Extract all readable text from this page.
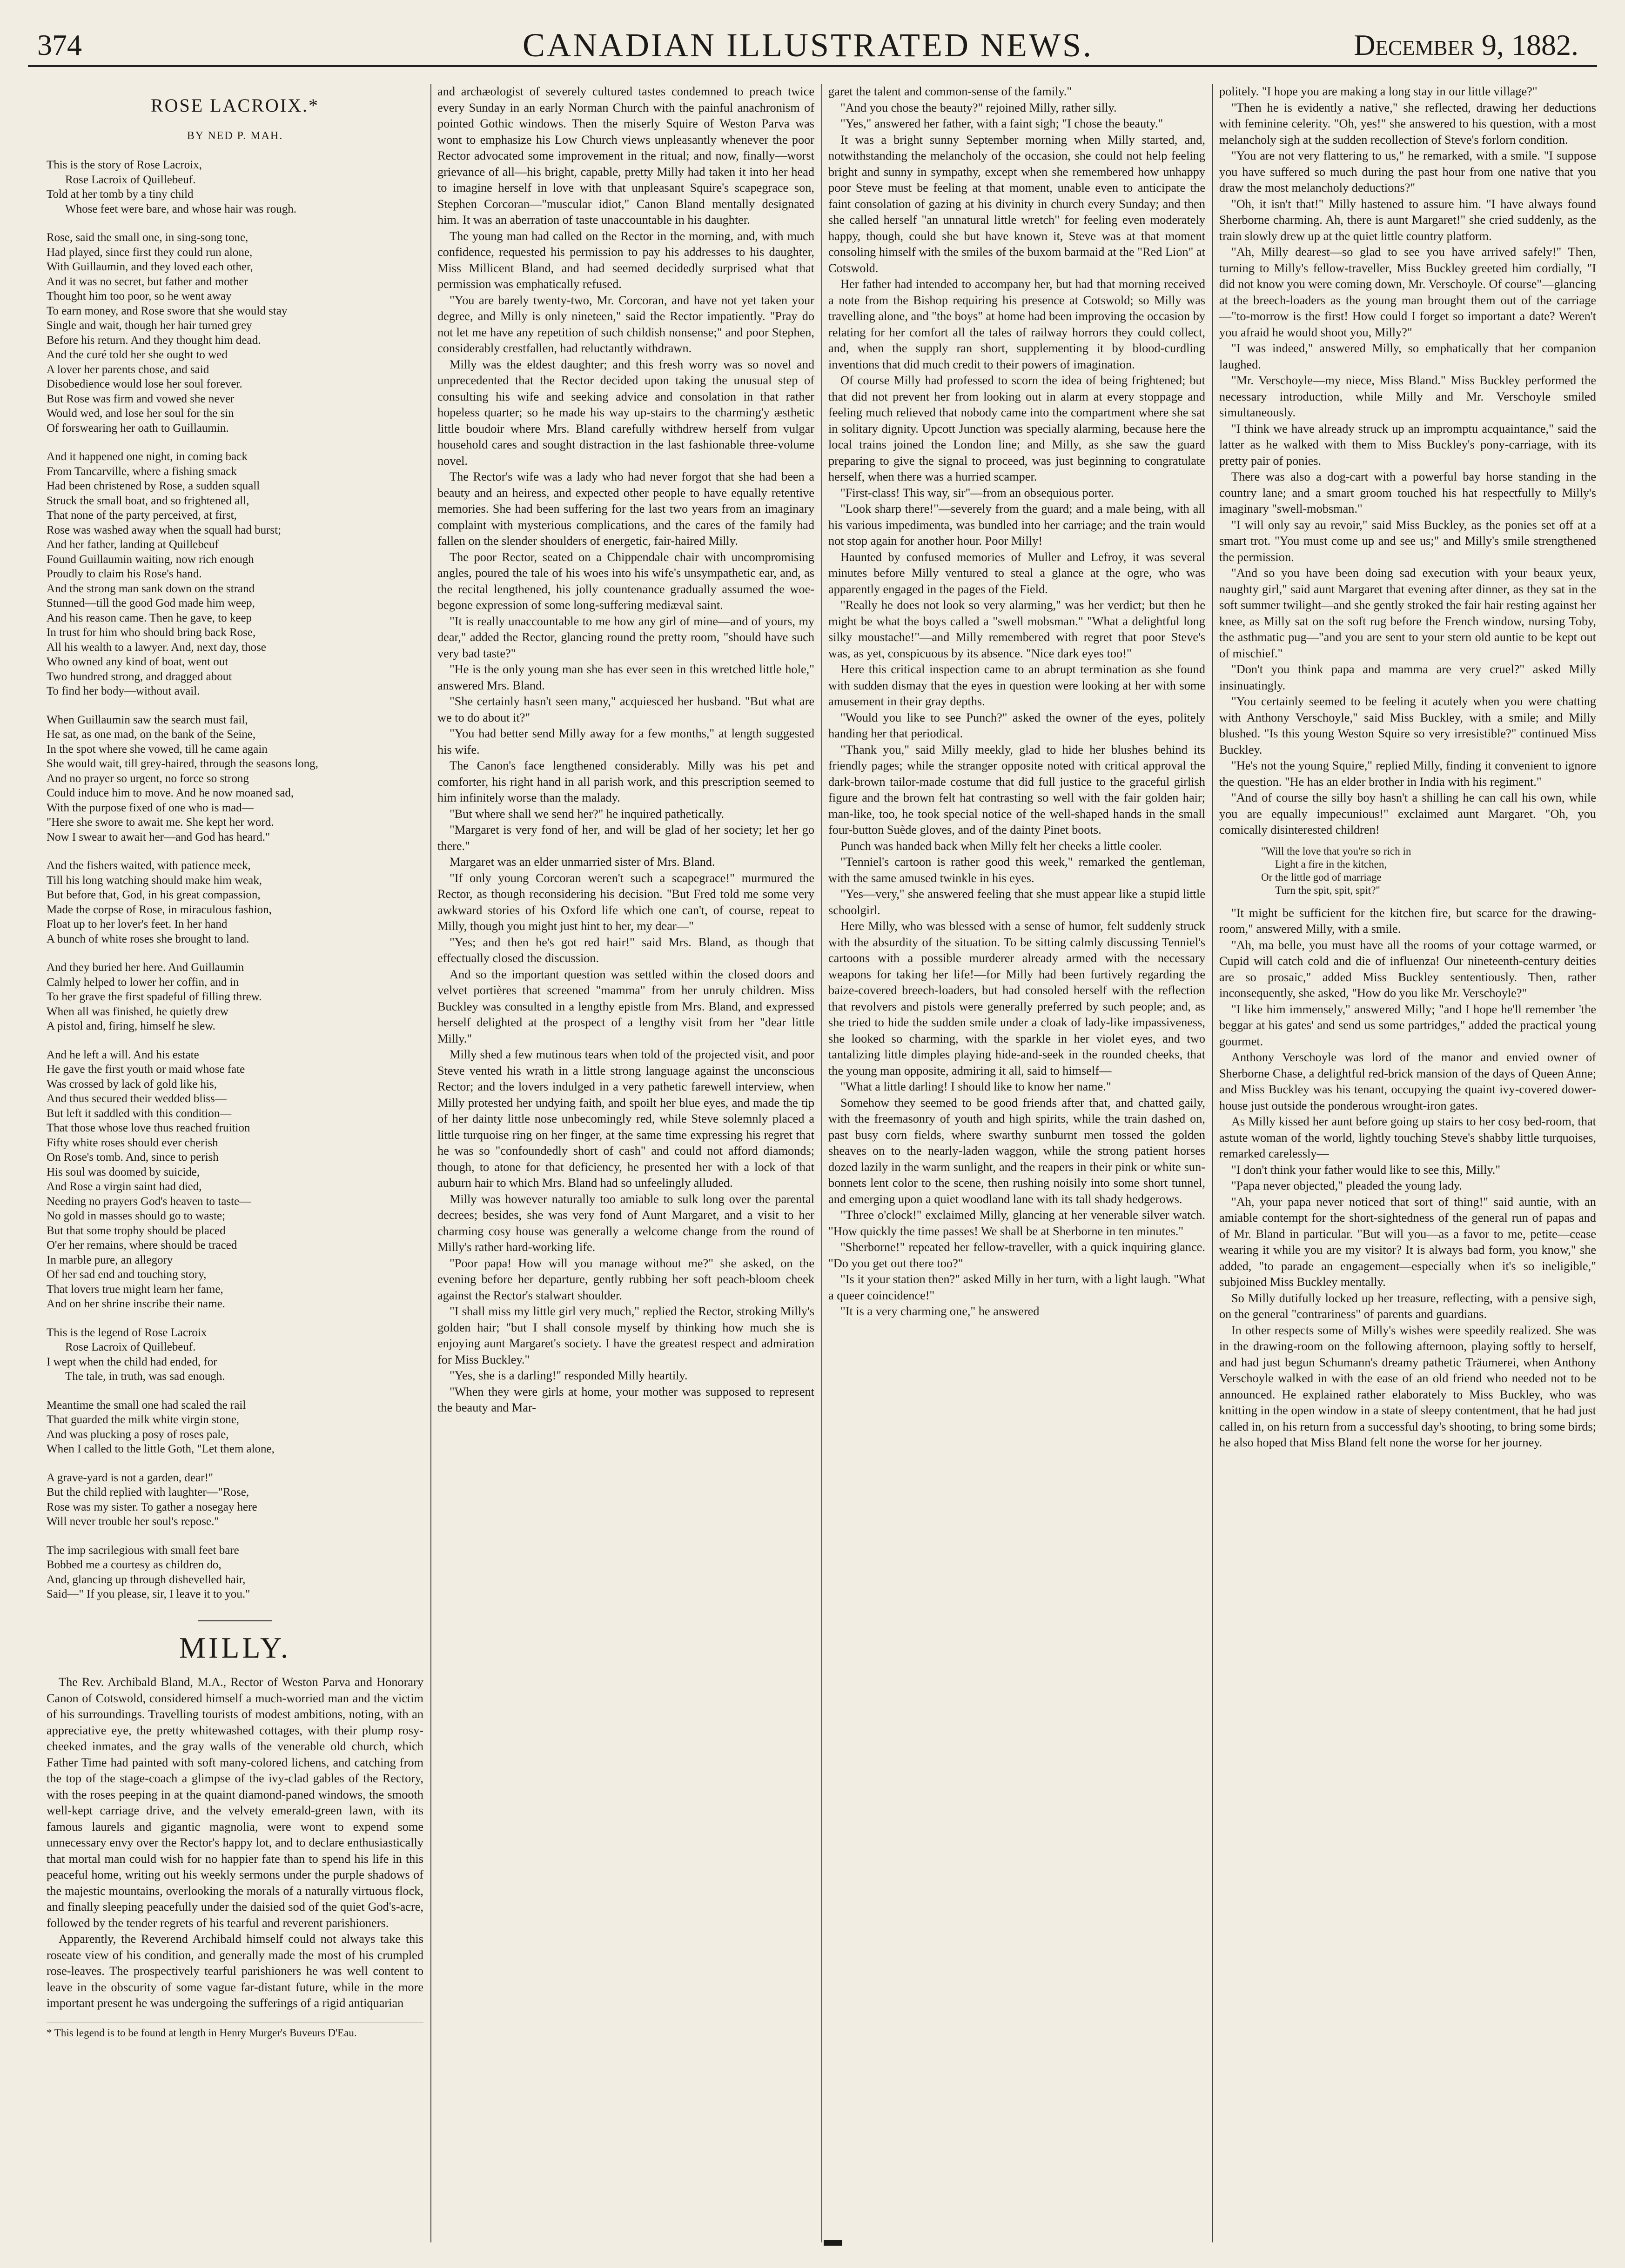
374	CANADIAN ILLUSTRATED NEWS.	December 9, 1882.
ROSE LACROIX.*
BY NED P. MAH.
This is the story of Rose Lacroix,
Rose Lacroix of Quillebeuf.
Told at her tomb by a tiny child
Whose feet were bare, and whose hair was rough.
Rose, said the small one, in sing-song tone,
Had played, since first they could run alone,
With Guillaumin, and they loved each other,
And it was no secret, but father and mother
Thought him too poor, so he went away
To earn money, and Rose swore that she would stay
Single and wait, though her hair turned grey
Before his return. And they thought him dead.
And the curé told her she ought to wed
A lover her parents chose, and said
Disobedience would lose her soul forever.
But Rose was firm and vowed she never
Would wed, and lose her soul for the sin
Of forswearing her oath to Guillaumin.
And it happened one night, in coming back
From Tancarville, where a fishing smack
Had been christened by Rose, a sudden squall
Struck the small boat, and so frightened all,
That none of the party perceived, at first,
Rose was washed away when the squall had burst;
And her father, landing at Quillebeuf
Found Guillaumin waiting, now rich enough
Proudly to claim his Rose's hand.
And the strong man sank down on the strand
Stunned—till the good God made him weep,
And his reason came. Then he gave, to keep
In trust for him who should bring back Rose,
All his wealth to a lawyer. And, next day, those
Who owned any kind of boat, went out
Two hundred strong, and dragged about
To find her body—without avail.
When Guillaumin saw the search must fail,
He sat, as one mad, on the bank of the Seine,
In the spot where she vowed, till he came again
She would wait, till grey-haired, through the seasons long,
And no prayer so urgent, no force so strong
Could induce him to move. And he now moaned sad,
With the purpose fixed of one who is mad—
"Here she swore to await me. She kept her word.
Now I swear to await her—and God has heard."
And the fishers waited, with patience meek,
Till his long watching should make him weak,
But before that, God, in his great compassion,
Made the corpse of Rose, in miraculous fashion,
Float up to her lover's feet. In her hand
A bunch of white roses she brought to land.
And they buried her here. And Guillaumin
Calmly helped to lower her coffin, and in
To her grave the first spadeful of filling threw.
When all was finished, he quietly drew
A pistol and, firing, himself he slew.
And he left a will. And his estate
He gave the first youth or maid whose fate
Was crossed by lack of gold like his,
And thus secured their wedded bliss—
But left it saddled with this condition—
That those whose love thus reached fruition
Fifty white roses should ever cherish
On Rose's tomb. And, since to perish
His soul was doomed by suicide,
And Rose a virgin saint had died,
Needing no prayers God's heaven to taste—
No gold in masses should go to waste;
But that some trophy should be placed
O'er her remains, where should be traced
In marble pure, an allegory
Of her sad end and touching story,
That lovers true might learn her fame,
And on her shrine inscribe their name.
This is the legend of Rose Lacroix
Rose Lacroix of Quillebeuf.
I wept when the child had ended, for
The tale, in truth, was sad enough.
Meantime the small one had scaled the rail
That guarded the milk white virgin stone,
And was plucking a posy of roses pale,
When I called to the little Goth, "Let them alone,
A grave-yard is not a garden, dear!"
But the child replied with laughter—"Rose,
Rose was my sister. To gather a nosegay here
Will never trouble her soul's repose."
The imp sacrilegious with small feet bare
Bobbed me a courtesy as children do,
And, glancing up through dishevelled hair,
Said—" If you please, sir, I leave it to you."
MILLY.

The Rev. Archibald Bland, M.A., Rector of Weston Parva and Honorary Canon of Cotswold, considered himself a much-worried man and the victim of his surroundings. Travelling tourists of modest ambitions, noting, with an appreciative eye, the pretty whitewashed cottages, with their plump rosy-cheeked inmates, and the gray walls of the venerable old church, which Father Time had painted with soft many-colored lichens, and catching from the top of the stage-coach a glimpse of the ivy-clad gables of the Rectory, with the roses peeping in at the quaint diamond-paned windows, the smooth well-kept carriage drive, and the velvety emerald-green lawn, with its famous laurels and gigantic magnolia, were wont to expend some unnecessary envy over the Rector's happy lot, and to declare enthusiastically that mortal man could wish for no happier fate than to spend his life in this peaceful home, writing out his weekly sermons under the purple shadows of the majestic mountains, overlooking the morals of a naturally virtuous flock, and finally sleeping peacefully under the daisied sod of the quiet God's-acre, followed by the tender regrets of his tearful and reverent parishioners.

Apparently, the Reverend Archibald himself could not always take this roseate view of his condition, and generally made the most of his crumpled rose-leaves. The prospectively tearful parishioners he was well content to leave in the obscurity of some vague far-distant future, while in the more important present he was undergoing the sufferings of a rigid antiquarian

* This legend is to be found at length in Henry Murger's Buveurs D'Eau.

and archæologist of severely cultured tastes condemned to preach twice every Sunday in an early Norman Church with the painful anachronism of pointed Gothic windows. Then the miserly Squire of Weston Parva was wont to emphasize his Low Church views unpleasantly whenever the poor Rector advocated some improvement in the ritual; and now, finally—worst grievance of all—his bright, capable, pretty Milly had taken it into her head to imagine herself in love with that unpleasant Squire's scapegrace son, Stephen Corcoran—"muscular idiot," Canon Bland mentally designated him. It was an aberration of taste unaccountable in his daughter.

The young man had called on the Rector in the morning, and, with much confidence, requested his permission to pay his addresses to his daughter, Miss Millicent Bland, and had seemed decidedly surprised what that permission was emphatically refused.

"You are barely twenty-two, Mr. Corcoran, and have not yet taken your degree, and Milly is only nineteen," said the Rector impatiently. "Pray do not let me have any repetition of such childish nonsense;" and poor Stephen, considerably crestfallen, had reluctantly withdrawn.

Milly was the eldest daughter; and this fresh worry was so novel and unprecedented that the Rector decided upon taking the unusual step of consulting his wife and seeking advice and consolation in that rather hopeless quarter; so he made his way up-stairs to the charming'y æsthetic little boudoir where Mrs. Bland carefully withdrew herself from vulgar household cares and sought distraction in the last fashionable three-volume novel.

The Rector's wife was a lady who had never forgot that she had been a beauty and an heiress, and expected other people to have equally retentive memories. She had been suffering for the last two years from an imaginary complaint with mysterious complications, and the cares of the family had fallen on the slender shoulders of energetic, fair-haired Milly.

The poor Rector, seated on a Chippendale chair with uncompromising angles, poured the tale of his woes into his wife's unsympathetic ear, and, as the recital lengthened, his jolly countenance gradually assumed the woe-begone expression of some long-suffering mediæval saint.

"It is really unaccountable to me how any girl of mine—and of yours, my dear," added the Rector, glancing round the pretty room, "should have such very bad taste?"

"He is the only young man she has ever seen in this wretched little hole," answered Mrs. Bland.

"She certainly hasn't seen many," acquiesced her husband. "But what are we to do about it?"

"You had better send Milly away for a few months," at length suggested his wife.

The Canon's face lengthened considerably. Milly was his pet and comforter, his right hand in all parish work, and this prescription seemed to him infinitely worse than the malady.

"But where shall we send her?" he inquired pathetically.

"Margaret is very fond of her, and will be glad of her society; let her go there."

Margaret was an elder unmarried sister of Mrs. Bland.

"If only young Corcoran weren't such a scapegrace!" murmured the Rector, as though reconsidering his decision. "But Fred told me some very awkward stories of his Oxford life which one can't, of course, repeat to Milly, though you might just hint to her, my dear—"

"Yes; and then he's got red hair!" said Mrs. Bland, as though that effectually closed the discussion.

And so the important question was settled within the closed doors and velvet portières that screened "mamma" from her unruly children. Miss Buckley was consulted in a lengthy epistle from Mrs. Bland, and expressed herself delighted at the prospect of a lengthy visit from her "dear little Milly."

Milly shed a few mutinous tears when told of the projected visit, and poor Steve vented his wrath in a little strong language against the unconscious Rector; and the lovers indulged in a very pathetic farewell interview, when Milly protested her undying faith, and spoilt her blue eyes, and made the tip of her dainty little nose unbecomingly red, while Steve solemnly placed a little turquoise ring on her finger, at the same time expressing his regret that he was so "confoundedly short of cash" and could not afford diamonds; though, to atone for that deficiency, he presented her with a lock of that auburn hair to which Mrs. Bland had so unfeelingly alluded.

Milly was however naturally too amiable to sulk long over the parental decrees; besides, she was very fond of Aunt Margaret, and a visit to her charming cosy house was generally a welcome change from the round of Milly's rather hard-working life.

"Poor papa! How will you manage without me?" she asked, on the evening before her departure, gently rubbing her soft peach-bloom cheek against the Rector's stalwart shoulder.

"I shall miss my little girl very much," replied the Rector, stroking Milly's golden hair; "but I shall console myself by thinking how much she is enjoying aunt Margaret's society. I have the greatest respect and admiration for Miss Buckley."

"Yes, she is a darling!" responded Milly heartily.

"When they were girls at home, your mother was supposed to represent the beauty and Mar-

garet the talent and common-sense of the family."

"And you chose the beauty?" rejoined Milly, rather silly.

"Yes," answered her father, with a faint sigh; "I chose the beauty."

It was a bright sunny September morning when Milly started, and, notwithstanding the melancholy of the occasion, she could not help feeling bright and sunny in sympathy, except when she remembered how unhappy poor Steve must be feeling at that moment, unable even to anticipate the faint consolation of gazing at his divinity in church every Sunday; and then she called herself "an unnatural little wretch" for feeling even moderately happy, though, could she but have known it, Steve was at that moment consoling himself with the smiles of the buxom barmaid at the "Red Lion" at Cotswold.

Her father had intended to accompany her, but had that morning received a note from the Bishop requiring his presence at Cotswold; so Milly was travelling alone, and "the boys" at home had been improving the occasion by relating for her comfort all the tales of railway horrors they could collect, and, when the supply ran short, supplementing it by blood-curdling inventions that did much credit to their powers of imagination.

Of course Milly had professed to scorn the idea of being frightened; but that did not prevent her from looking out in alarm at every stoppage and feeling much relieved that nobody came into the compartment where she sat in solitary dignity. Upcott Junction was specially alarming, because here the local trains joined the London line; and Milly, as she saw the guard preparing to give the signal to proceed, was just beginning to congratulate herself, when there was a hurried scamper.

"First-class! This way, sir"—from an obsequious porter.

"Look sharp there!"—severely from the guard; and a male being, with all his various impedimenta, was bundled into her carriage; and the train would not stop again for another hour. Poor Milly!

Haunted by confused memories of Muller and Lefroy, it was several minutes before Milly ventured to steal a glance at the ogre, who was apparently engaged in the pages of the Field.

"Really he does not look so very alarming," was her verdict; but then he might be what the boys called a "swell mobsman." "What a delightful long silky moustache!"—and Milly remembered with regret that poor Steve's was, as yet, conspicuous by its absence. "Nice dark eyes too!"

Here this critical inspection came to an abrupt termination as she found with sudden dismay that the eyes in question were looking at her with some amusement in their gray depths.

"Would you like to see Punch?" asked the owner of the eyes, politely handing her that periodical.

"Thank you," said Milly meekly, glad to hide her blushes behind its friendly pages; while the stranger opposite noted with critical approval the dark-brown tailor-made costume that did full justice to the graceful girlish figure and the brown felt hat contrasting so well with the fair golden hair; man-like, too, he took special notice of the well-shaped hands in the small four-button Suède gloves, and of the dainty Pinet boots.

Punch was handed back when Milly felt her cheeks a little cooler.

"Tenniel's cartoon is rather good this week," remarked the gentleman, with the same amused twinkle in his eyes.

"Yes—very," she answered feeling that she must appear like a stupid little schoolgirl.

Here Milly, who was blessed with a sense of humor, felt suddenly struck with the absurdity of the situation. To be sitting calmly discussing Tenniel's cartoons with a possible murderer already armed with the necessary weapons for taking her life!—for Milly had been furtively regarding the baize-covered breech-loaders, but had consoled herself with the reflection that revolvers and pistols were generally preferred by such people; and, as she tried to hide the sudden smile under a cloak of lady-like impassiveness, she looked so charming, with the sparkle in her violet eyes, and two tantalizing little dimples playing hide-and-seek in the rounded cheeks, that the young man opposite, admiring it all, said to himself—

"What a little darling! I should like to know her name."

Somehow they seemed to be good friends after that, and chatted gaily, with the freemasonry of youth and high spirits, while the train dashed on, past busy corn fields, where swarthy sunburnt men tossed the golden sheaves on to the nearly-laden waggon, while the strong patient horses dozed lazily in the warm sunlight, and the reapers in their pink or white sun-bonnets lent color to the scene, then rushing noisily into some short tunnel, and emerging upon a quiet woodland lane with its tall shady hedgerows.

"Three o'clock!" exclaimed Milly, glancing at her venerable silver watch. "How quickly the time passes! We shall be at Sherborne in ten minutes."

"Sherborne!" repeated her fellow-traveller, with a quick inquiring glance. "Do you get out there too?"

"Is it your station then?" asked Milly in her turn, with a light laugh. "What a queer coincidence!"

"It is a very charming one," he answered

politely. "I hope you are making a long stay in our little village?"

"Then he is evidently a native," she reflected, drawing her deductions with feminine celerity. "Oh, yes!" she answered to his question, with a most melancholy sigh at the sudden recollection of Steve's forlorn condition.

"You are not very flattering to us," he remarked, with a smile. "I suppose you have suffered so much during the past hour from one native that you draw the most melancholy deductions?"

"Oh, it isn't that!" Milly hastened to assure him. "I have always found Sherborne charming. Ah, there is aunt Margaret!" she cried suddenly, as the train slowly drew up at the quiet little country platform.

"Ah, Milly dearest—so glad to see you have arrived safely!" Then, turning to Milly's fellow-traveller, Miss Buckley greeted him cordially, "I did not know you were coming down, Mr. Verschoyle. Of course"—glancing at the breech-loaders as the young man brought them out of the carriage—"to-morrow is the first! How could I forget so important a date? Weren't you afraid he would shoot you, Milly?"

"I was indeed," answered Milly, so emphatically that her companion laughed.

"Mr. Verschoyle—my niece, Miss Bland." Miss Buckley performed the necessary introduction, while Milly and Mr. Verschoyle smiled simultaneously.

"I think we have already struck up an impromptu acquaintance," said the latter as he walked with them to Miss Buckley's pony-carriage, with its pretty pair of ponies.

There was also a dog-cart with a powerful bay horse standing in the country lane; and a smart groom touched his hat respectfully to Milly's imaginary "swell-mobsman."

"I will only say au revoir," said Miss Buckley, as the ponies set off at a smart trot. "You must come up and see us;" and Milly's smile strengthened the permission.

"And so you have been doing sad execution with your beaux yeux, naughty girl," said aunt Margaret that evening after dinner, as they sat in the soft summer twilight—and she gently stroked the fair hair resting against her knee, as Milly sat on the soft rug before the French window, nursing Toby, the asthmatic pug—"and you are sent to your stern old auntie to be kept out of mischief."

"Don't you think papa and mamma are very cruel?" asked Milly insinuatingly.

"You certainly seemed to be feeling it acutely when you were chatting with Anthony Verschoyle," said Miss Buckley, with a smile; and Milly blushed. "Is this young Weston Squire so very irresistible?" continued Miss Buckley.

"He's not the young Squire," replied Milly, finding it convenient to ignore the question. "He has an elder brother in India with his regiment."

"And of course the silly boy hasn't a shilling he can call his own, while you are equally impecunious!" exclaimed aunt Margaret. "Oh, you comically disinterested children!

"Will the love that you're so rich in
Light a fire in the kitchen,
Or the little god of marriage
Turn the spit, spit, spit?"

"It might be sufficient for the kitchen fire, but scarce for the drawing-room," answered Milly, with a smile.

"Ah, ma belle, you must have all the rooms of your cottage warmed, or Cupid will catch cold and die of influenza! Our nineteenth-century deities are so prosaic," added Miss Buckley sententiously. Then, rather inconsequently, she asked, "How do you like Mr. Verschoyle?"

"I like him immensely," answered Milly; "and I hope he'll remember 'the beggar at his gates' and send us some partridges," added the practical young gourmet.

Anthony Verschoyle was lord of the manor and envied owner of Sherborne Chase, a delightful red-brick mansion of the days of Queen Anne; and Miss Buckley was his tenant, occupying the quaint ivy-covered dower-house just outside the ponderous wrought-iron gates.

As Milly kissed her aunt before going up stairs to her cosy bed-room, that astute woman of the world, lightly touching Steve's shabby little turquoises, remarked carelessly—

"I don't think your father would like to see this, Milly."

"Papa never objected," pleaded the young lady.

"Ah, your papa never noticed that sort of thing!" said auntie, with an amiable contempt for the short-sightedness of the general run of papas and of Mr. Bland in particular. "But will you—as a favor to me, petite—cease wearing it while you are my visitor? It is always bad form, you know," she added, "to parade an engagement—especially when it's so ineligible," subjoined Miss Buckley mentally.

So Milly dutifully locked up her treasure, reflecting, with a pensive sigh, on the general "contrariness" of parents and guardians.

In other respects some of Milly's wishes were speedily realized. She was in the drawing-room on the following afternoon, playing softly to herself, and had just begun Schumann's dreamy pathetic Träumerei, when Anthony Verschoyle walked in with the ease of an old friend who needed not to be announced. He explained rather elaborately to Miss Buckley, who was knitting in the open window in a state of sleepy contentment, that he had just called in, on his return from a successful day's shooting, to bring some birds; he also hoped that Miss Bland felt none the worse for her journey.

▬
